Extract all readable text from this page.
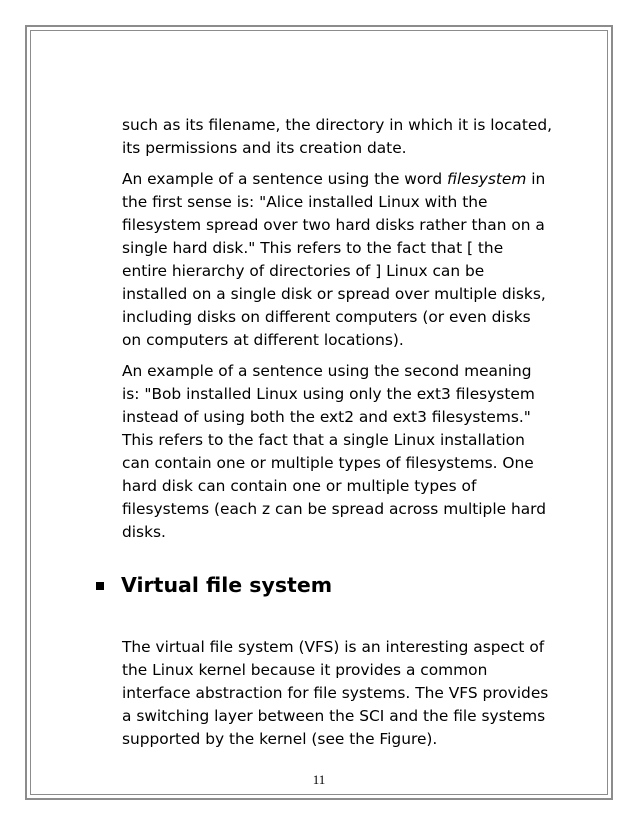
such as its filename, the directory in which it is located, its permissions and its creation date.

An example of a sentence using the word filesystem in the first sense is: "Alice installed Linux with the filesystem spread over two hard disks rather than on a single hard disk." This refers to the fact that [ the entire hierarchy of directories of ] Linux can be installed on a single disk or spread over multiple disks, including disks on different computers (or even disks on computers at different locations).

An example of a sentence using the second meaning is: "Bob installed Linux using only the ext3 filesystem instead of using both the ext2 and ext3 filesystems." This refers to the fact that a single Linux installation can contain one or multiple types of filesystems. One hard disk can contain one or multiple types of filesystems (each z can be spread across multiple hard disks.

Virtual file system

The virtual file system (VFS) is an interesting aspect of the Linux kernel because it provides a common interface abstraction for file systems. The VFS provides a switching layer between the SCI and the file systems supported by the kernel (see the Figure).

11
